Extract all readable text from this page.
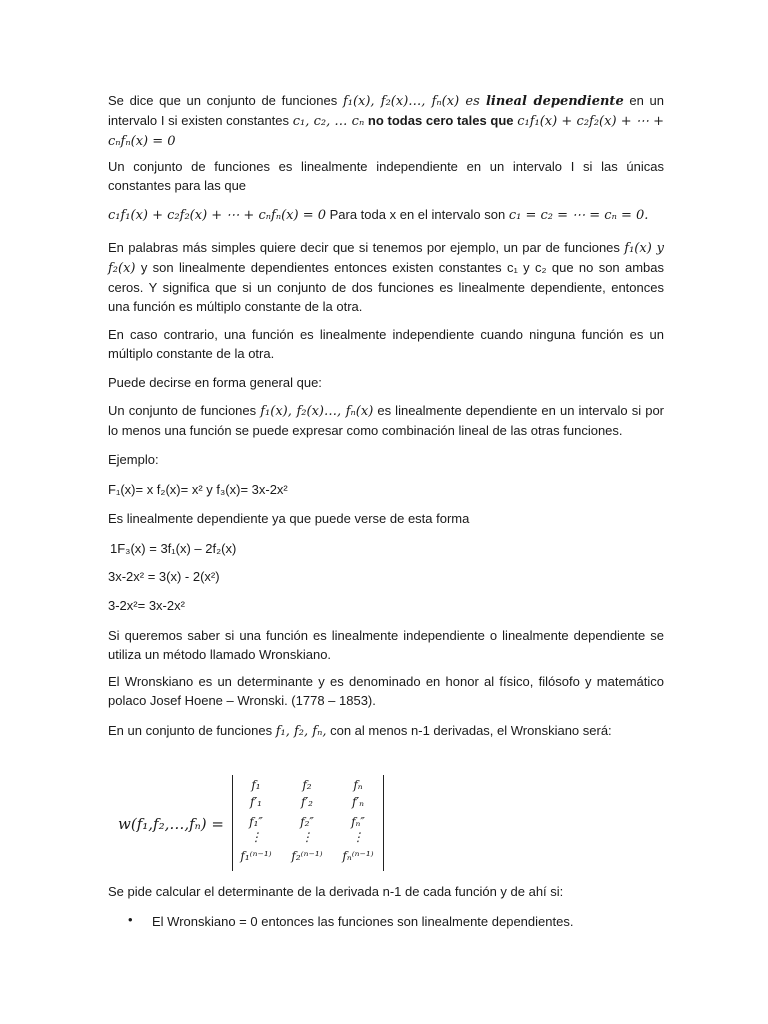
Se dice que un conjunto de funciones f₁(x), f₂(x)…, fₙ(x) es lineal dependiente en un intervalo I si existen constantes c₁, c₂, … cₙ no todas cero tales que c₁f₁(x) + c₂f₂(x) + ⋯ + cₙfₙ(x) = 0
Un conjunto de funciones es linealmente independiente en un intervalo I si las únicas constantes para las que
c₁f₁(x) + c₂f₂(x) + ⋯ + cₙfₙ(x) = 0 Para toda x en el intervalo son c₁ = c₂ = ⋯ = cₙ = 0.
En palabras más simples quiere decir que si tenemos por ejemplo, un par de funciones f₁(x) y f₂(x) y son linealmente dependientes entonces existen constantes c₁ y c₂ que no son ambas ceros. Y significa que si un conjunto de dos funciones es linealmente dependiente, entonces una función es múltiplo constante de la otra.
En caso contrario, una función es linealmente independiente cuando ninguna función es un múltiplo constante de la otra.
Puede decirse en forma general que:
Un conjunto de funciones f₁(x), f₂(x)…, fₙ(x) es linealmente dependiente en un intervalo si por lo menos una función se puede expresar como combinación lineal de las otras funciones.
Ejemplo:
F₁(x)= x f₂(x)= x² y f₃(x)= 3x-2x²
Es linealmente dependiente ya que puede verse de esta forma
1F₃(x) = 3f₁(x) – 2f₂(x)
3x-2x² = 3(x) - 2(x²)
3-2x²= 3x-2x²
Si queremos saber si una función es linealmente independiente o linealmente dependiente se utiliza un método llamado Wronskiano.
El Wronskiano es un determinante y es denominado en honor al físico, filósofo y matemático polaco Josef Hoene – Wronski. (1778 – 1853).
En un conjunto de funciones f₁, f₂, fₙ, con al menos n-1 derivadas, el Wronskiano será:
w(f₁,f₂,…,fₙ) =
f₁	f₂	fₙ
f′₁	f′₂	f′ₙ
f₁″	f₂″	fₙ″
⋮	⋮	⋮
f₁⁽ⁿ⁻¹⁾	f₂⁽ⁿ⁻¹⁾	fₙ⁽ⁿ⁻¹⁾
Se pide calcular el determinante de la derivada n-1 de cada función y de ahí si:
• El Wronskiano = 0 entonces las funciones son linealmente dependientes.
